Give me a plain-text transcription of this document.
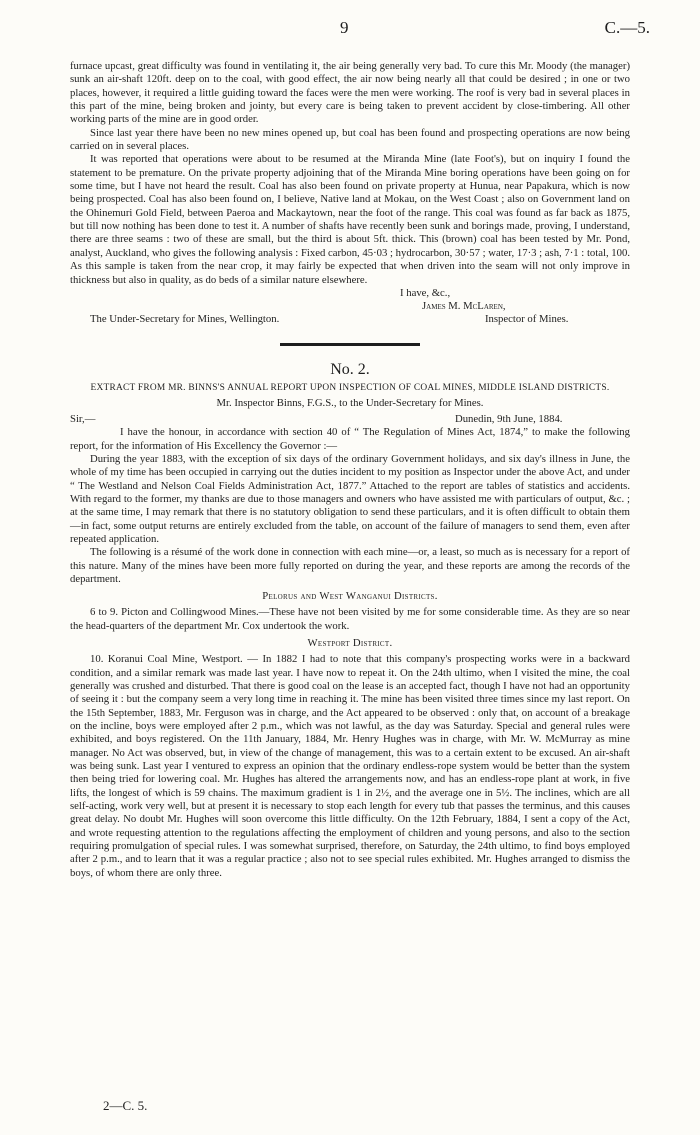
9	C.—5.

furnace upcast, great difficulty was found in ventilating it, the air being generally very bad. To cure this Mr. Moody (the manager) sunk an air-shaft 120ft. deep on to the coal, with good effect, the air now being nearly all that could be desired ; in one or two places, however, it required a little guiding toward the faces were the men were working. The roof is very bad in several places in this part of the mine, being broken and jointy, but every care is being taken to prevent accident by close-timbering. All other working parts of the mine are in good order.

Since last year there have been no new mines opened up, but coal has been found and prospecting operations are now being carried on in several places.

It was reported that operations were about to be resumed at the Miranda Mine (late Foot's), but on inquiry I found the statement to be premature. On the private property adjoining that of the Miranda Mine boring operations have been going on for some time, but I have not heard the result. Coal has also been found on private property at Hunua, near Papakura, which is now being prospected. Coal has also been found on, I believe, Native land at Mokau, on the West Coast ; also on Government land on the Ohinemuri Gold Field, between Paeroa and Mackaytown, near the foot of the range. This coal was found as far back as 1875, but till now nothing has been done to test it. A number of shafts have recently been sunk and borings made, proving, I understand, there are three seams : two of these are small, but the third is about 5ft. thick. This (brown) coal has been tested by Mr. Pond, analyst, Auckland, who gives the following analysis : Fixed carbon, 45·03 ; hydrocarbon, 30·57 ; water, 17·3 ; ash, 7·1 : total, 100. As this sample is taken from the near crop, it may fairly be expected that when driven into the seam will not only improve in thickness but also in quality, as do beds of a similar nature elsewhere.

I have, &c.,
James M. McLaren,
The Under-Secretary for Mines, Wellington.	Inspector of Mines.
No. 2.
EXTRACT FROM MR. BINNS'S ANNUAL REPORT UPON INSPECTION OF COAL MINES, MIDDLE ISLAND DISTRICTS.
Mr. Inspector Binns, F.G.S., to the Under-Secretary for Mines.
Sir,—	Dunedin, 9th June, 1884.

I have the honour, in accordance with section 40 of “ The Regulation of Mines Act, 1874,” to make the following report, for the information of His Excellency the Governor :—

During the year 1883, with the exception of six days of the ordinary Government holidays, and six day's illness in June, the whole of my time has been occupied in carrying out the duties incident to my position as Inspector under the above Act, and under “ The Westland and Nelson Coal Fields Administration Act, 1877.” Attached to the report are tables of statistics and accidents. With regard to the former, my thanks are due to those managers and owners who have assisted me with particulars of output, &c. ; at the same time, I may remark that there is no statutory obligation to send these particulars, and it is often difficult to obtain them—in fact, some output returns are entirely excluded from the table, on account of the failure of managers to send them, even after repeated application.

The following is a résumé of the work done in connection with each mine—or, a least, so much as is necessary for a report of this nature. Many of the mines have been more fully reported on during the year, and these reports are among the records of the department.

Pelorus and West Wanganui Districts.

6 to 9. Picton and Collingwood Mines.—These have not been visited by me for some considerable time. As they are so near the head-quarters of the department Mr. Cox undertook the work.

Westport District.

10. Koranui Coal Mine, Westport. — In 1882 I had to note that this company's prospecting works were in a backward condition, and a similar remark was made last year. I have now to repeat it. On the 24th ultimo, when I visited the mine, the coal generally was crushed and disturbed. That there is good coal on the lease is an accepted fact, though I have not had an opportunity of seeing it : but the company seem a very long time in reaching it. The mine has been visited three times since my last report. On the 15th September, 1883, Mr. Ferguson was in charge, and the Act appeared to be observed : only that, on account of a breakage on the incline, boys were employed after 2 p.m., which was not lawful, as the day was Saturday. Special and general rules were exhibited, and boys registered. On the 11th January, 1884, Mr. Henry Hughes was in charge, with Mr. W. McMurray as mine manager. No Act was observed, but, in view of the change of management, this was to a certain extent to be excused. An air-shaft was being sunk. Last year I ventured to express an opinion that the ordinary endless-rope system would be better than the system then being tried for lowering coal. Mr. Hughes has altered the arrangements now, and has an endless-rope plant at work, in five lifts, the longest of which is 59 chains. The maximum gradient is 1 in 2½, and the average one in 5½. The inclines, which are all self-acting, work very well, but at present it is necessary to stop each length for every tub that passes the terminus, and this causes great delay. No doubt Mr. Hughes will soon overcome this little difficulty. On the 12th February, 1884, I sent a copy of the Act, and wrote requesting attention to the regulations affecting the employment of children and young persons, and also to the section requiring promulgation of special rules. I was somewhat surprised, therefore, on Saturday, the 24th ultimo, to find boys employed after 2 p.m., and to learn that it was a regular practice ; also not to see special rules exhibited. Mr. Hughes arranged to dismiss the boys, of whom there are only three.

2—C. 5.
